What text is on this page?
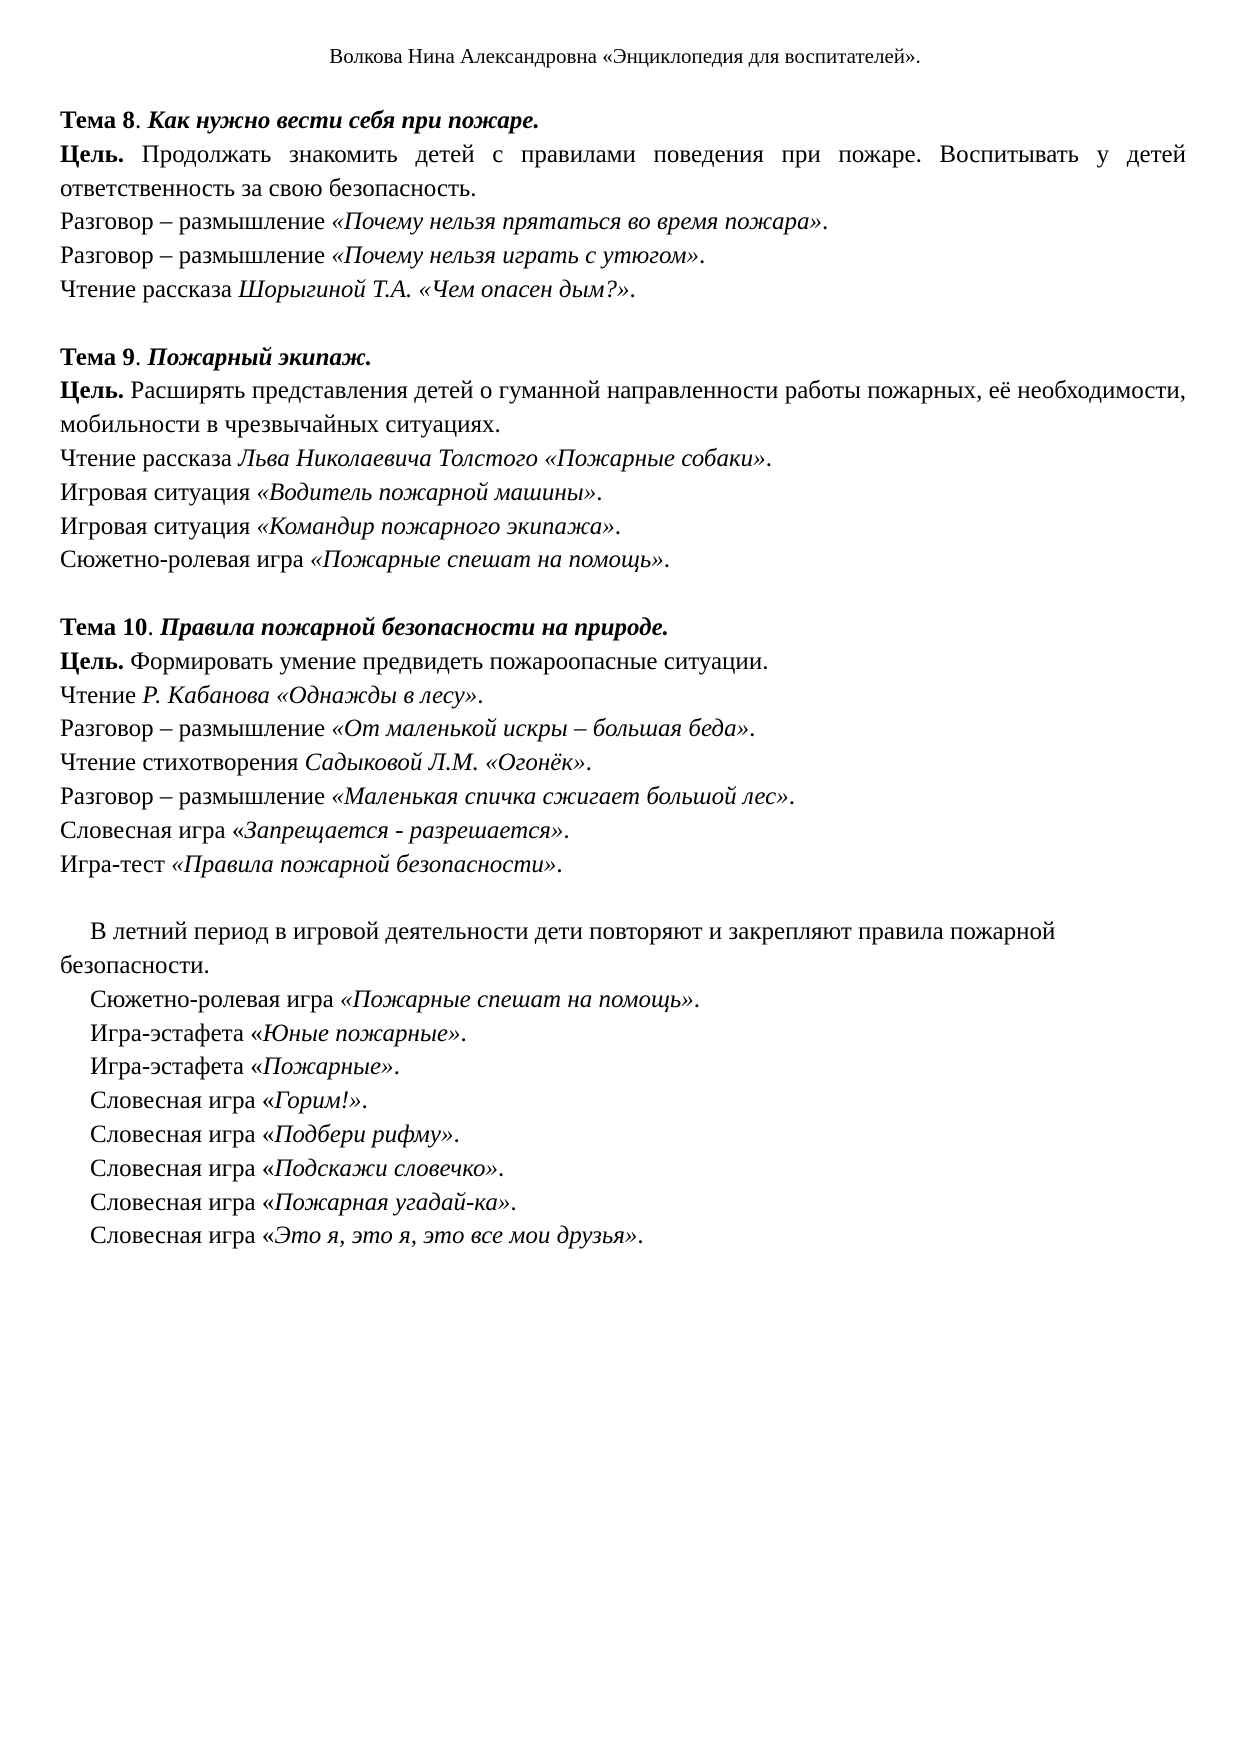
Волкова Нина Александровна «Энциклопедия для воспитателей».
Тема 8. Как нужно вести себя при пожаре.
Цель. Продолжать знакомить детей с правилами поведения при пожаре. Воспитывать у детей ответственность за свою безопасность.
Разговор – размышление «Почему нельзя прятаться во время пожара».
Разговор – размышление «Почему нельзя играть с утюгом».
Чтение рассказа Шорыгиной Т.А. «Чем опасен дым?».
Тема 9. Пожарный экипаж.
Цель. Расширять представления детей о гуманной направленности работы пожарных, её необходимости, мобильности в чрезвычайных ситуациях.
Чтение рассказа Льва Николаевича Толстого «Пожарные собаки».
Игровая ситуация «Водитель пожарной машины».
Игровая ситуация «Командир пожарного экипажа».
Сюжетно-ролевая игра «Пожарные спешат на помощь».
Тема 10. Правила пожарной безопасности на природе.
Цель. Формировать умение предвидеть пожароопасные ситуации.
Чтение Р. Кабанова «Однажды в лесу».
Разговор – размышление «От маленькой искры – большая беда».
Чтение стихотворения Садыковой Л.М. «Огонёк».
Разговор – размышление «Маленькая спичка сжигает большой лес».
Словесная игра «Запрещается - разрешается».
Игра-тест «Правила пожарной безопасности».
В летний период в игровой деятельности дети повторяют и закрепляют правила пожарной безопасности.
Сюжетно-ролевая игра «Пожарные спешат на помощь».
Игра-эстафета «Юные пожарные».
Игра-эстафета «Пожарные».
Словесная игра «Горим!».
Словесная игра «Подбери рифму».
Словесная игра «Подскажи словечко».
Словесная игра «Пожарная угадай-ка».
Словесная игра «Это я, это я, это все мои друзья».
